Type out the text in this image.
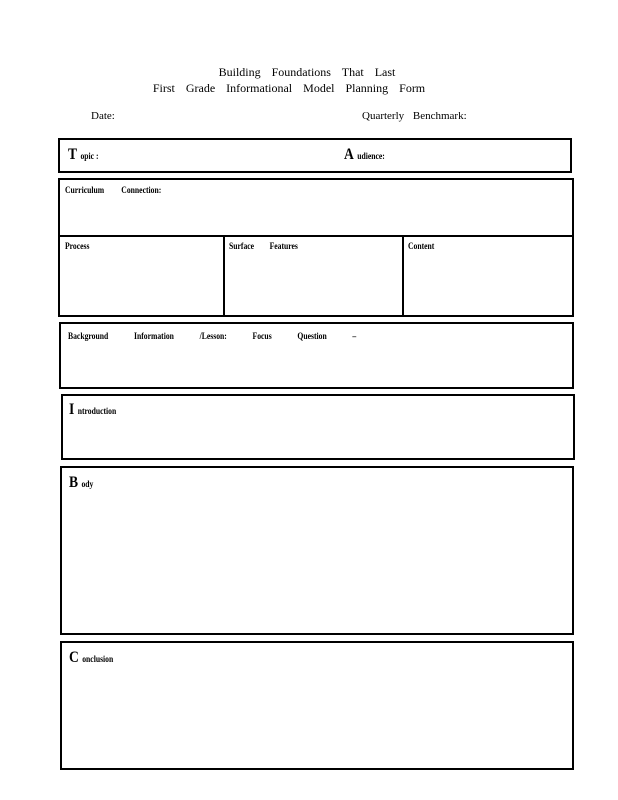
Building Foundations That Last
First Grade Informational Model Planning Form
Date:	Quarterly Benchmark:
T opic :	A udience:
Curriculum Connection:
Process	Surface Features	Content
Background Information /Lesson: Focus Question –
I ntroduction
B ody
C onclusion
